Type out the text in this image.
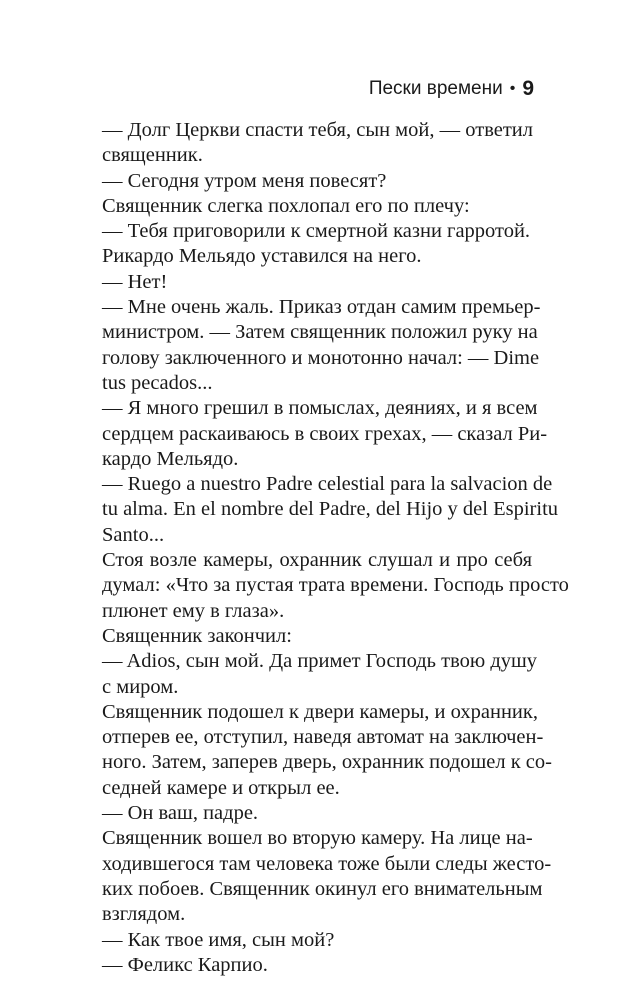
Пески времени • 9
— Долг Церкви спасти тебя, сын мой, — ответил
священник.
— Сегодня утром меня повесят?
Священник слегка похлопал его по плечу:
— Тебя приговорили к смертной казни гарротой.
Рикардо Мельядо уставился на него.
— Нет!
— Мне очень жаль. Приказ отдан самим премьер-
министром. — Затем священник положил руку на
голову заключенного и монотонно начал: — Dime
tus pecados...
— Я много грешил в помыслах, деяниях, и я всем
сердцем раскаиваюсь в своих грехах, — сказал Ри-
кардо Мельядо.
— Ruego a nuestro Padre celestial para la salvacion de
tu alma. En el nombre del Padre, del Hijo y del Espiritu
Santo...
Стоя возле камеры, охранник слушал и про себя
думал: «Что за пустая трата времени. Господь просто
плюнет ему в глаза».
Священник закончил:
— Adios, сын мой. Да примет Господь твою душу
с миром.
Священник подошел к двери камеры, и охранник,
отперев ее, отступил, наведя автомат на заключен-
ного. Затем, заперев дверь, охранник подошел к со-
седней камере и открыл ее.
— Он ваш, падре.
Священник вошел во вторую камеру. На лице на-
ходившегося там человека тоже были следы жесто-
ких побоев. Священник окинул его внимательным
взглядом.
— Как твое имя, сын мой?
— Феликс Карпио.
